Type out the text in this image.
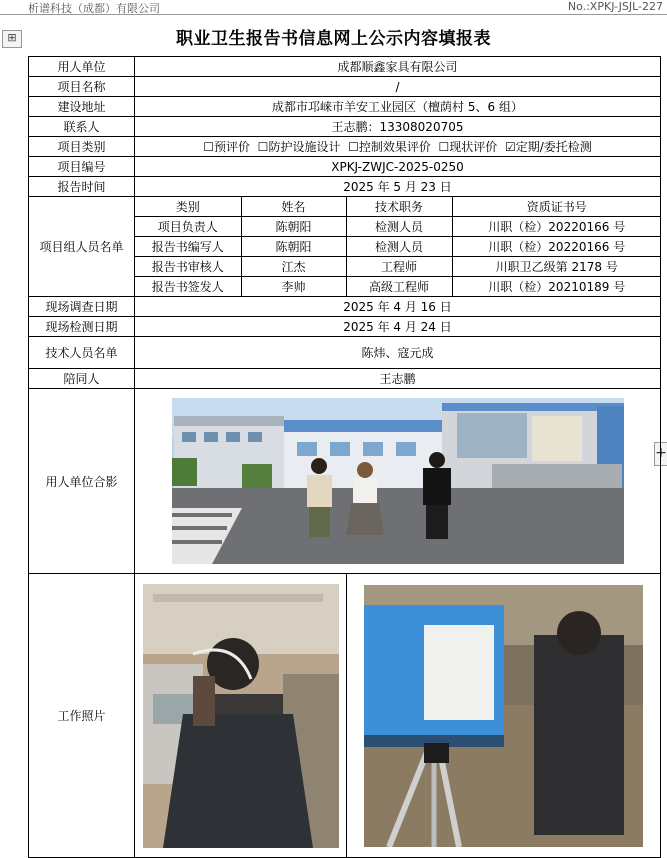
析谱科技（成都）有限公司	No.:XPKJ-JSJL-227
⊞
+
职业卫生报告书信息网上公示内容填报表
用人单位	成都顺鑫家具有限公司
项目名称	/
建设地址	成都市邛崃市羊安工业园区（檀荫村 5、6 组）
联系人	王志鹏：13308020705
项目类别	☐预评价 ☐防护设施设计 ☐控制效果评价 ☐现状评价 ☑定期/委托检测
项目编号	XPKJ-ZWJC-2025-0250
报告时间	2025 年 5 月 23 日
项目组人员名单	
类别	姓名	技术职务	资质证书号
项目负责人	陈朝阳	检测人员	川职（检）20220166 号
报告书编写人	陈朝阳	检测人员	川职（检）20220166 号
报告书审核人	江杰	工程师	川职卫乙级第 2178 号
报告书签发人	李帅	高级工程师	川职（检）20210189 号

现场调查日期	2025 年 4 月 16 日
现场检测日期	2025 年 4 月 24 日
技术人员名单	陈炜、寇元成
陪同人	王志鹏
用人单位合影	

工作照片	
